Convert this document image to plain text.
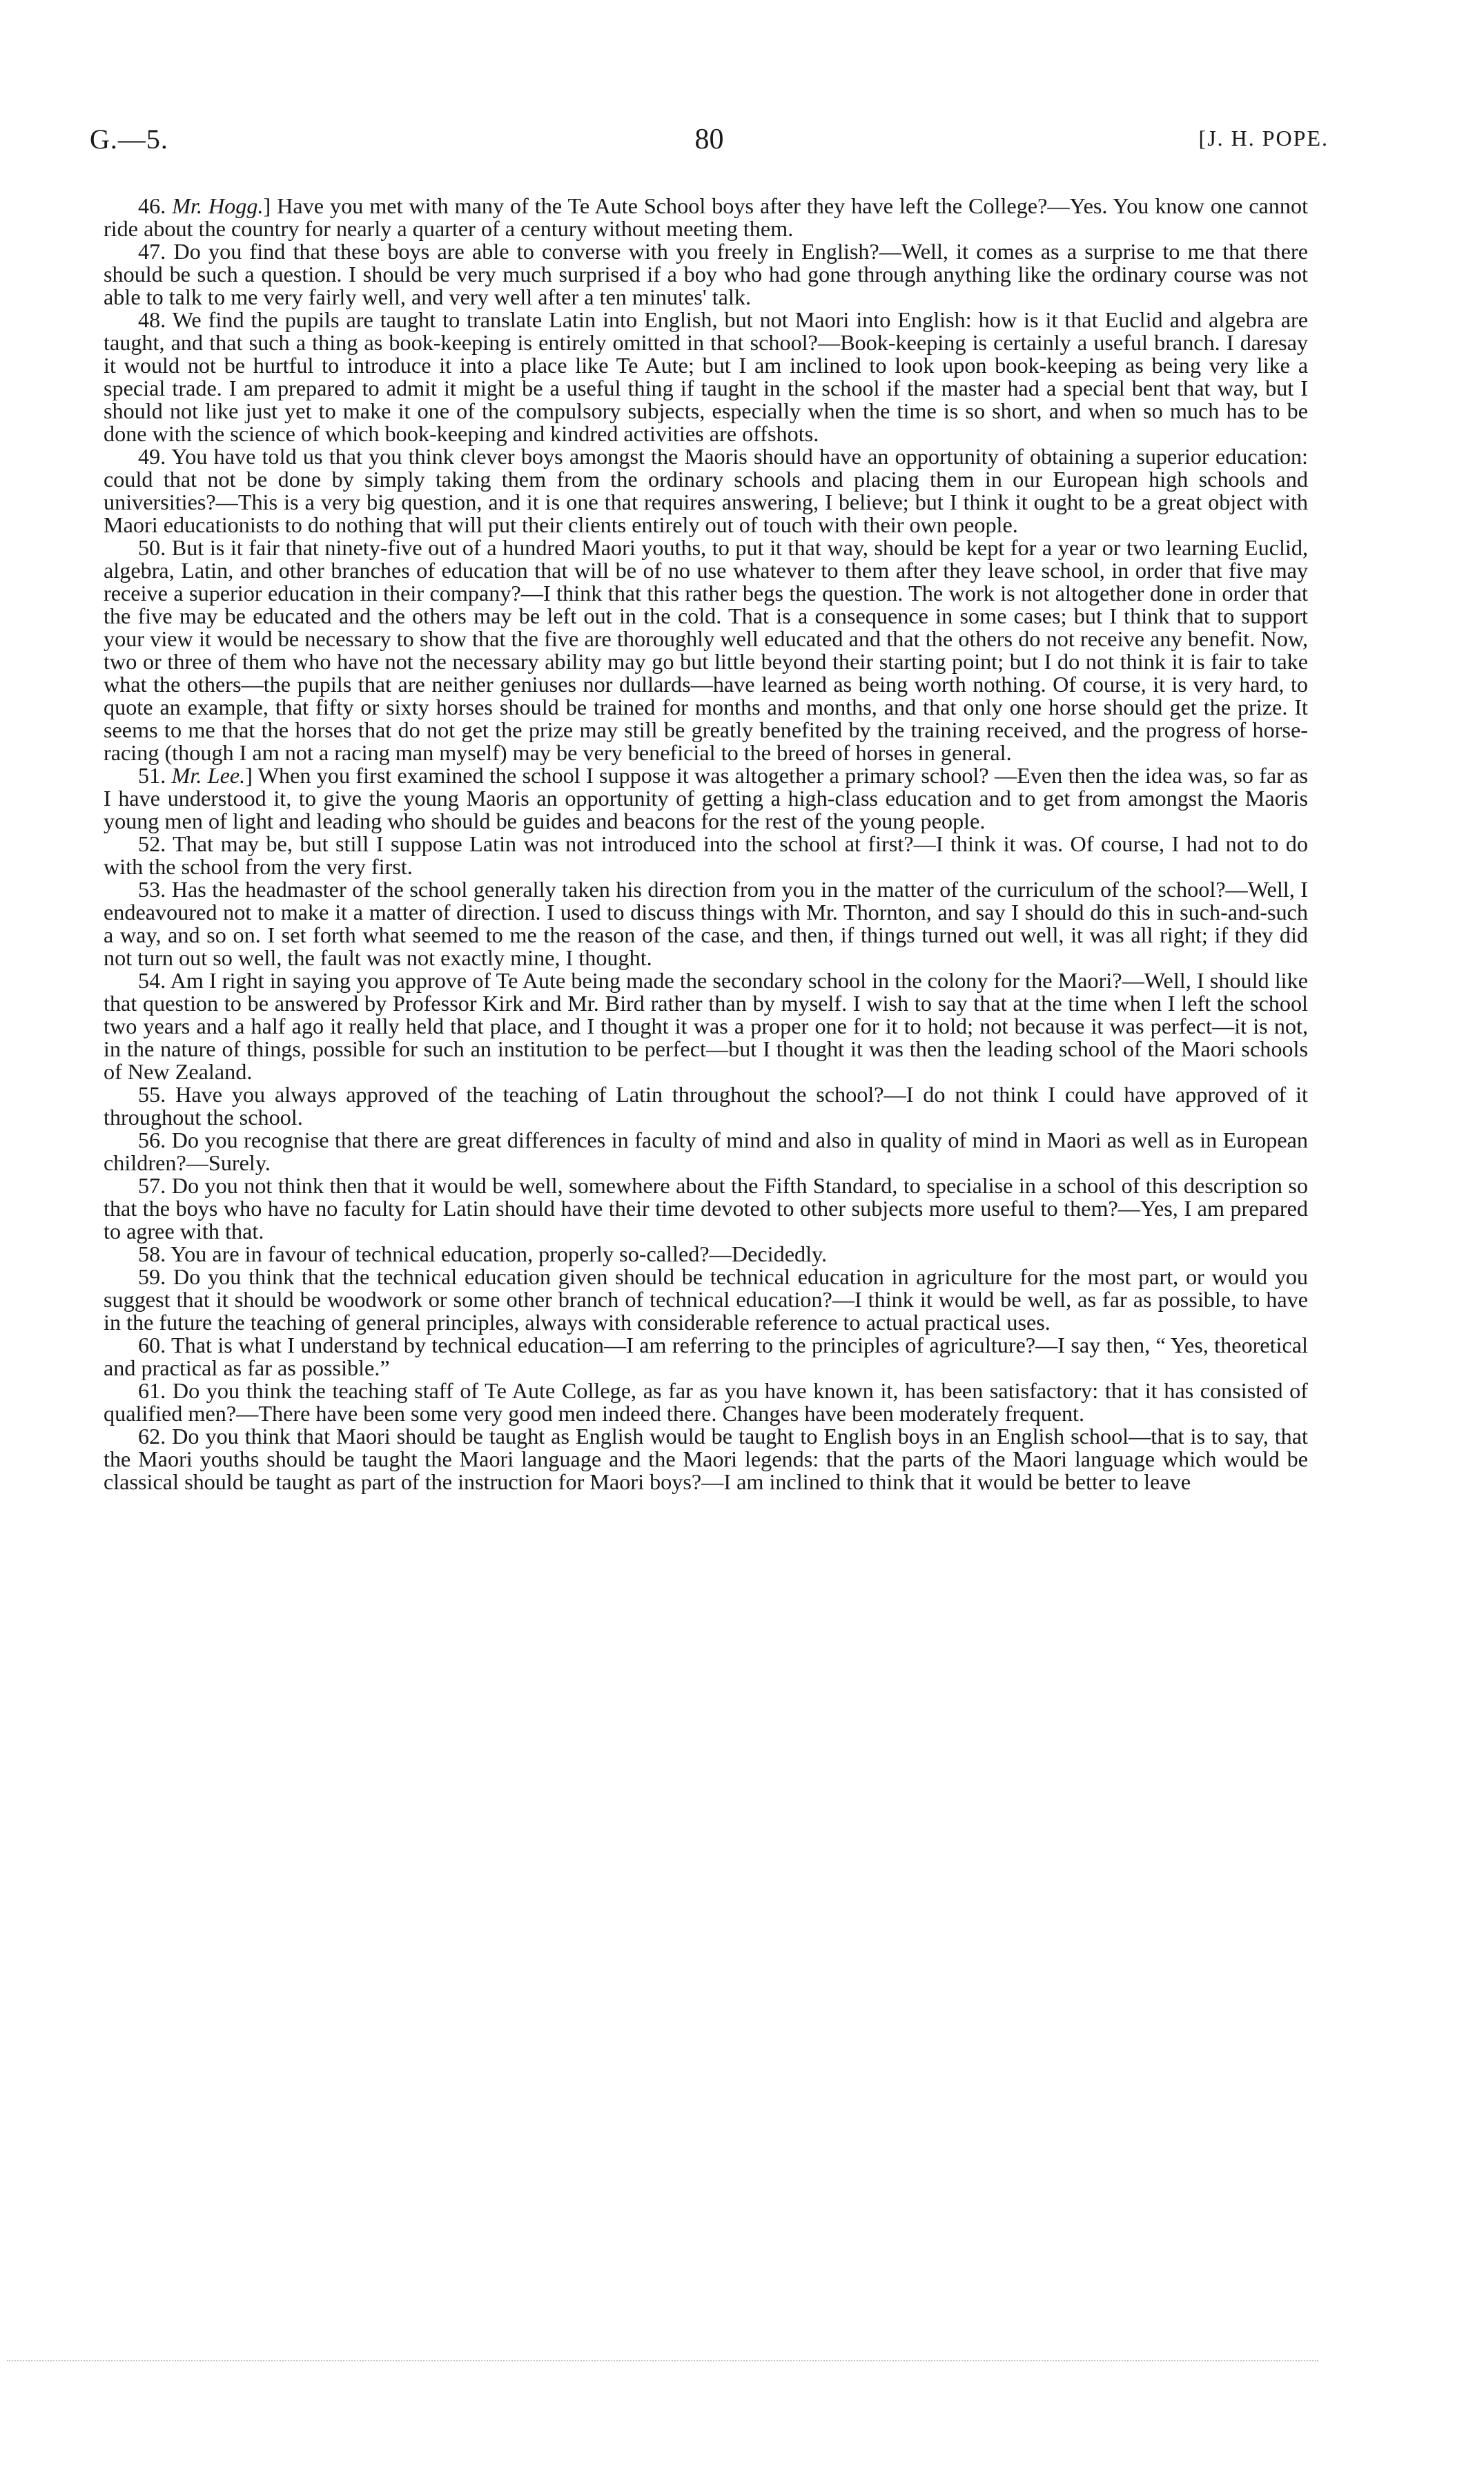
G.—5.	80	[J. H. POPE.

46. Mr. Hogg.] Have you met with many of the Te Aute School boys after they have left the College?—Yes. You know one cannot ride about the country for nearly a quarter of a century without meeting them.

47. Do you find that these boys are able to converse with you freely in English?—Well, it comes as a surprise to me that there should be such a question. I should be very much surprised if a boy who had gone through anything like the ordinary course was not able to talk to me very fairly well, and very well after a ten minutes' talk.

48. We find the pupils are taught to translate Latin into English, but not Maori into English: how is it that Euclid and algebra are taught, and that such a thing as book-keeping is entirely omitted in that school?—Book-keeping is certainly a useful branch. I daresay it would not be hurtful to introduce it into a place like Te Aute; but I am inclined to look upon book-keeping as being very like a special trade. I am prepared to admit it might be a useful thing if taught in the school if the master had a special bent that way, but I should not like just yet to make it one of the compulsory subjects, especially when the time is so short, and when so much has to be done with the science of which book-keeping and kindred activities are offshots.

49. You have told us that you think clever boys amongst the Maoris should have an opportunity of obtaining a superior education: could that not be done by simply taking them from the ordinary schools and placing them in our European high schools and universities?—This is a very big question, and it is one that requires answering, I believe; but I think it ought to be a great object with Maori educationists to do nothing that will put their clients entirely out of touch with their own people.

50. But is it fair that ninety-five out of a hundred Maori youths, to put it that way, should be kept for a year or two learning Euclid, algebra, Latin, and other branches of education that will be of no use whatever to them after they leave school, in order that five may receive a superior education in their company?—I think that this rather begs the question. The work is not altogether done in order that the five may be educated and the others may be left out in the cold. That is a consequence in some cases; but I think that to support your view it would be necessary to show that the five are thoroughly well educated and that the others do not receive any benefit. Now, two or three of them who have not the necessary ability may go but little beyond their starting point; but I do not think it is fair to take what the others—the pupils that are neither geniuses nor dullards—have learned as being worth nothing. Of course, it is very hard, to quote an example, that fifty or sixty horses should be trained for months and months, and that only one horse should get the prize. It seems to me that the horses that do not get the prize may still be greatly benefited by the training received, and the progress of horse-racing (though I am not a racing man myself) may be very beneficial to the breed of horses in general.

51. Mr. Lee.] When you first examined the school I suppose it was altogether a primary school? —Even then the idea was, so far as I have understood it, to give the young Maoris an opportunity of getting a high-class education and to get from amongst the Maoris young men of light and leading who should be guides and beacons for the rest of the young people.

52. That may be, but still I suppose Latin was not introduced into the school at first?—I think it was. Of course, I had not to do with the school from the very first.

53. Has the headmaster of the school generally taken his direction from you in the matter of the curriculum of the school?—Well, I endeavoured not to make it a matter of direction. I used to discuss things with Mr. Thornton, and say I should do this in such-and-such a way, and so on. I set forth what seemed to me the reason of the case, and then, if things turned out well, it was all right; if they did not turn out so well, the fault was not exactly mine, I thought.

54. Am I right in saying you approve of Te Aute being made the secondary school in the colony for the Maori?—Well, I should like that question to be answered by Professor Kirk and Mr. Bird rather than by myself. I wish to say that at the time when I left the school two years and a half ago it really held that place, and I thought it was a proper one for it to hold; not because it was perfect—it is not, in the nature of things, possible for such an institution to be perfect—but I thought it was then the leading school of the Maori schools of New Zealand.

55. Have you always approved of the teaching of Latin throughout the school?—I do not think I could have approved of it throughout the school.

56. Do you recognise that there are great differences in faculty of mind and also in quality of mind in Maori as well as in European children?—Surely.

57. Do you not think then that it would be well, somewhere about the Fifth Standard, to specialise in a school of this description so that the boys who have no faculty for Latin should have their time devoted to other subjects more useful to them?—Yes, I am prepared to agree with that.

58. You are in favour of technical education, properly so-called?—Decidedly.

59. Do you think that the technical education given should be technical education in agriculture for the most part, or would you suggest that it should be woodwork or some other branch of technical education?—I think it would be well, as far as possible, to have in the future the teaching of general principles, always with considerable reference to actual practical uses.

60. That is what I understand by technical education—I am referring to the principles of agriculture?—I say then, “ Yes, theoretical and practical as far as possible.”

61. Do you think the teaching staff of Te Aute College, as far as you have known it, has been satisfactory: that it has consisted of qualified men?—There have been some very good men indeed there. Changes have been moderately frequent.

62. Do you think that Maori should be taught as English would be taught to English boys in an English school—that is to say, that the Maori youths should be taught the Maori language and the Maori legends: that the parts of the Maori language which would be classical should be taught as part of the instruction for Maori boys?—I am inclined to think that it would be better to leave
